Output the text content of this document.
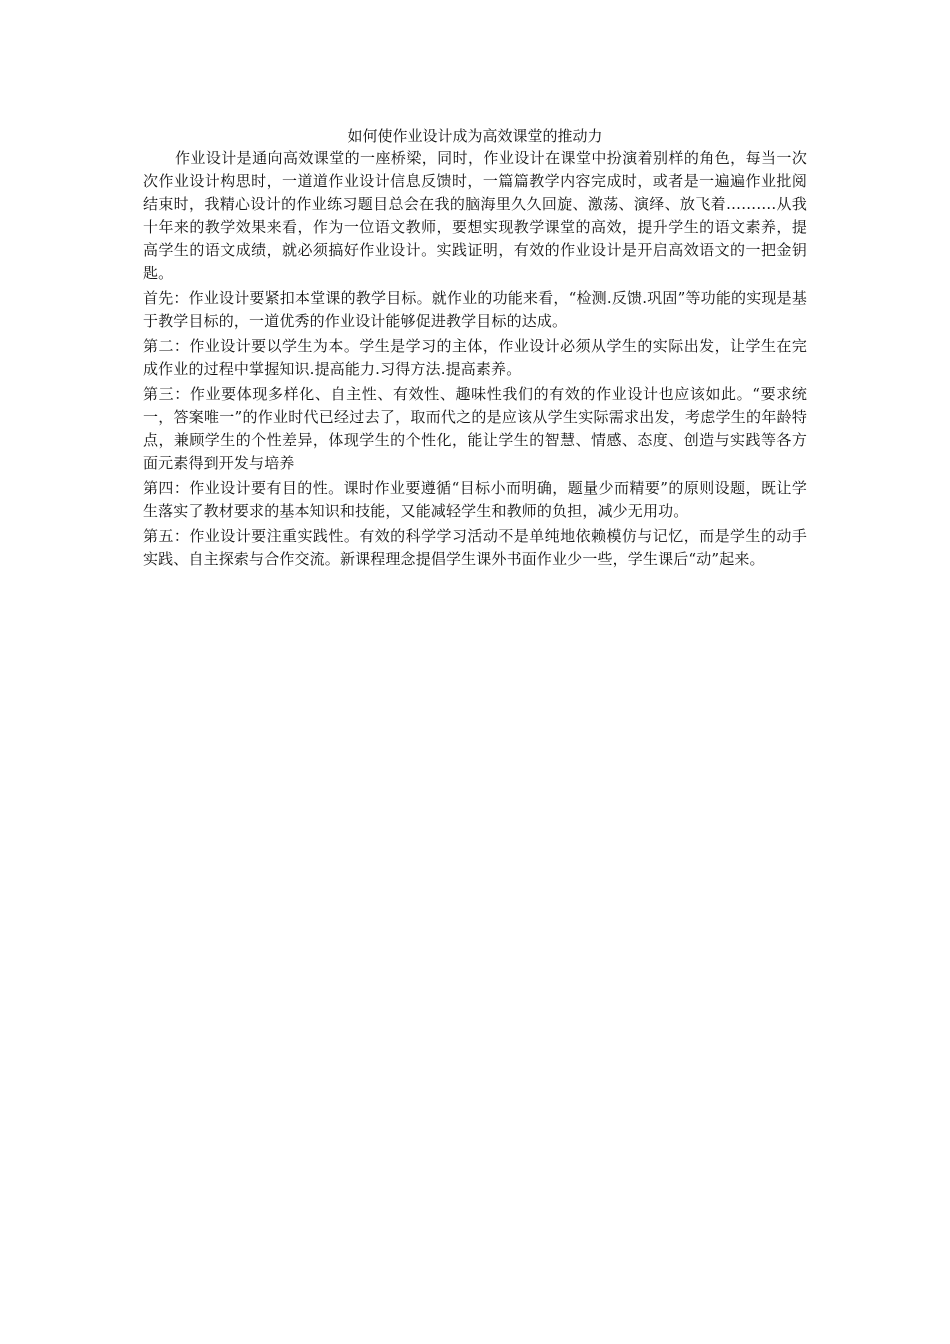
如何使作业设计成为高效课堂的推动力

作业设计是通向高效课堂的一座桥梁，同时，作业设计在课堂中扮演着别样的角色，每当一次次作业设计构思时，一道道作业设计信息反馈时，一篇篇教学内容完成时，或者是一遍遍作业批阅结束时，我精心设计的作业练习题目总会在我的脑海里久久回旋、激荡、演绎、放飞着……….从我十年来的教学效果来看，作为一位语文教师，要想实现教学课堂的高效，提升学生的语文素养，提高学生的语文成绩，就必须搞好作业设计。实践证明，有效的作业设计是开启高效语文的一把金钥匙。

首先：作业设计要紧扣本堂课的教学目标。就作业的功能来看，“检测.反馈.巩固”等功能的实现是基于教学目标的，一道优秀的作业设计能够促进教学目标的达成。

第二：作业设计要以学生为本。学生是学习的主体，作业设计必须从学生的实际出发，让学生在完成作业的过程中掌握知识.提高能力.习得方法.提高素养。

第三：作业要体现多样化、自主性、有效性、趣味性我们的有效的作业设计也应该如此。“要求统一，答案唯一”的作业时代已经过去了，取而代之的是应该从学生实际需求出发，考虑学生的年龄特点，兼顾学生的个性差异，体现学生的个性化，能让学生的智慧、情感、态度、创造与实践等各方面元素得到开发与培养

第四：作业设计要有目的性。课时作业要遵循“目标小而明确，题量少而精要”的原则设题，既让学生落实了教材要求的基本知识和技能，又能减轻学生和教师的负担，减少无用功。

第五：作业设计要注重实践性。有效的科学学习活动不是单纯地依赖模仿与记忆，而是学生的动手实践、自主探索与合作交流。新课程理念提倡学生课外书面作业少一些，学生课后“动”起来。
